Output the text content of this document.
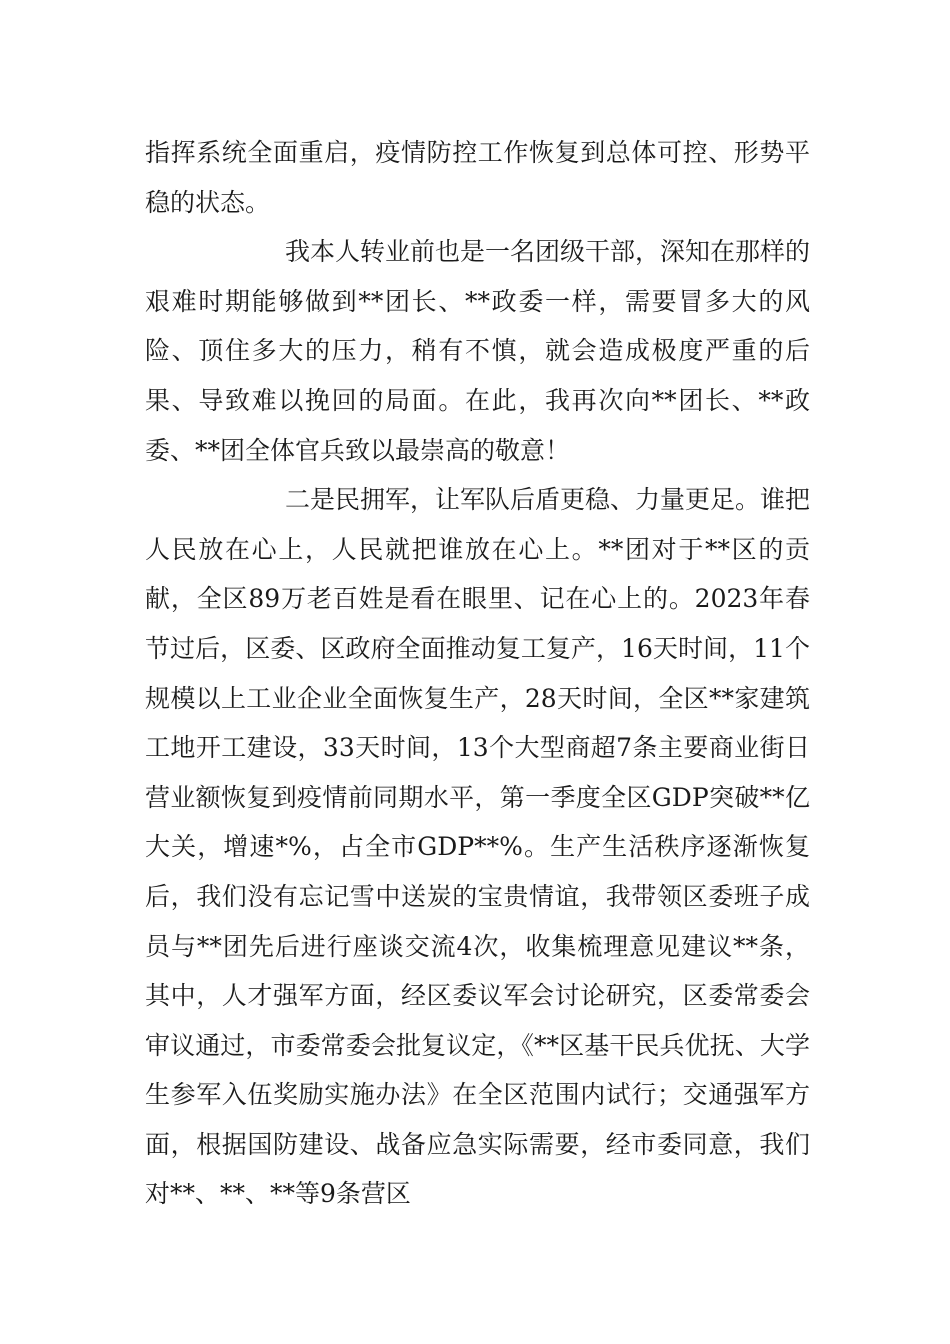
指挥系统全面重启，疫情防控工作恢复到总体可控、形势平稳的状态。

我本人转业前也是一名团级干部，深知在那样的艰难时期能够做到**团长、**政委一样，需要冒多大的风险、顶住多大的压力，稍有不慎，就会造成极度严重的后果、导致难以挽回的局面。在此，我再次向**团长、**政委、**团全体官兵致以最崇高的敬意！

二是民拥军，让军队后盾更稳、力量更足。谁把人民放在心上，人民就把谁放在心上。**团对于**区的贡献，全区89万老百姓是看在眼里、记在心上的。2023年春节过后，区委、区政府全面推动复工复产，16天时间，11个规模以上工业企业全面恢复生产，28天时间，全区**家建筑工地开工建设，33天时间，13个大型商超7条主要商业街日营业额恢复到疫情前同期水平，第一季度全区GDP突破**亿大关，增速*%，占全市GDP**%。生产生活秩序逐渐恢复后，我们没有忘记雪中送炭的宝贵情谊，我带领区委班子成员与**团先后进行座谈交流4次，收集梳理意见建议**条，其中，人才强军方面，经区委议军会讨论研究，区委常委会审议通过，市委常委会批复议定，《**区基干民兵优抚、大学生参军入伍奖励实施办法》在全区范围内试行；交通强军方面，根据国防建设、战备应急实际需要，经市委同意，我们对**、**、**等9条营区
